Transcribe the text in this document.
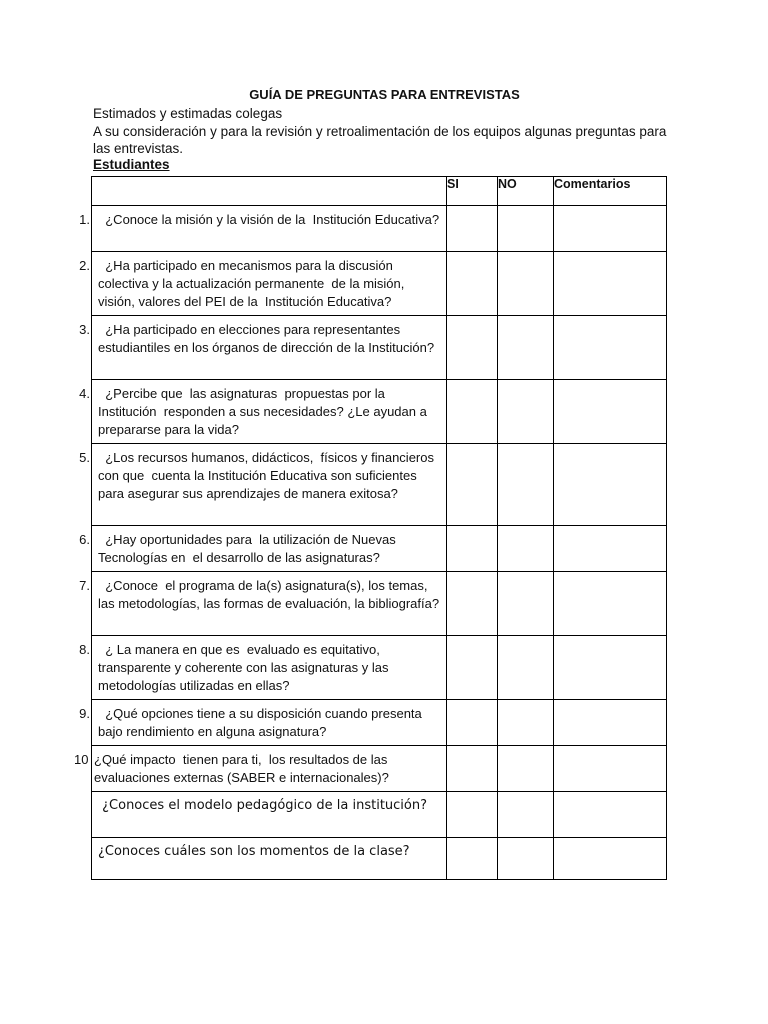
GUÍA DE PREGUNTAS PARA ENTREVISTAS
Estimados y estimadas colegas
A su consideración y para la revisión y retroalimentación de los equipos algunas preguntas para las entrevistas.
Estudiantes
	SI	NO	Comentarios

1. ¿Conoce la misión y la visión de la  Institución Educativa?			

2. ¿Ha participado en mecanismos para la discusión colectiva y la actualización permanente  de la misión, visión, valores del PEI de la  Institución Educativa?			

3. ¿Ha participado en elecciones para representantes estudiantiles en los órganos de dirección de la Institución?			

4. ¿Percibe que  las asignaturas  propuestas por la Institución  responden a sus necesidades? ¿Le ayudan a prepararse para la vida?			

5. ¿Los recursos humanos, didácticos,  físicos y financieros con que  cuenta la Institución Educativa son suficientes para asegurar sus aprendizajes de manera exitosa?			

6. ¿Hay oportunidades para  la utilización de Nuevas Tecnologías en  el desarrollo de las asignaturas?			

7. ¿Conoce  el programa de la(s) asignatura(s), los temas, las metodologías, las formas de evaluación, la bibliografía?			

8. ¿ La manera en que es  evaluado es equitativo, transparente y coherente con las asignaturas y las metodologías utilizadas en ellas?			

9. ¿Qué opciones tiene a su disposición cuando presenta  bajo rendimiento en alguna asignatura?			

10 ¿Qué impacto  tienen para ti,  los resultados de las evaluaciones externas (SABER e internacionales)?			

¿Conoces el modelo pedagógico de la institución?			

¿Conoces cuáles son los momentos de la clase?			
